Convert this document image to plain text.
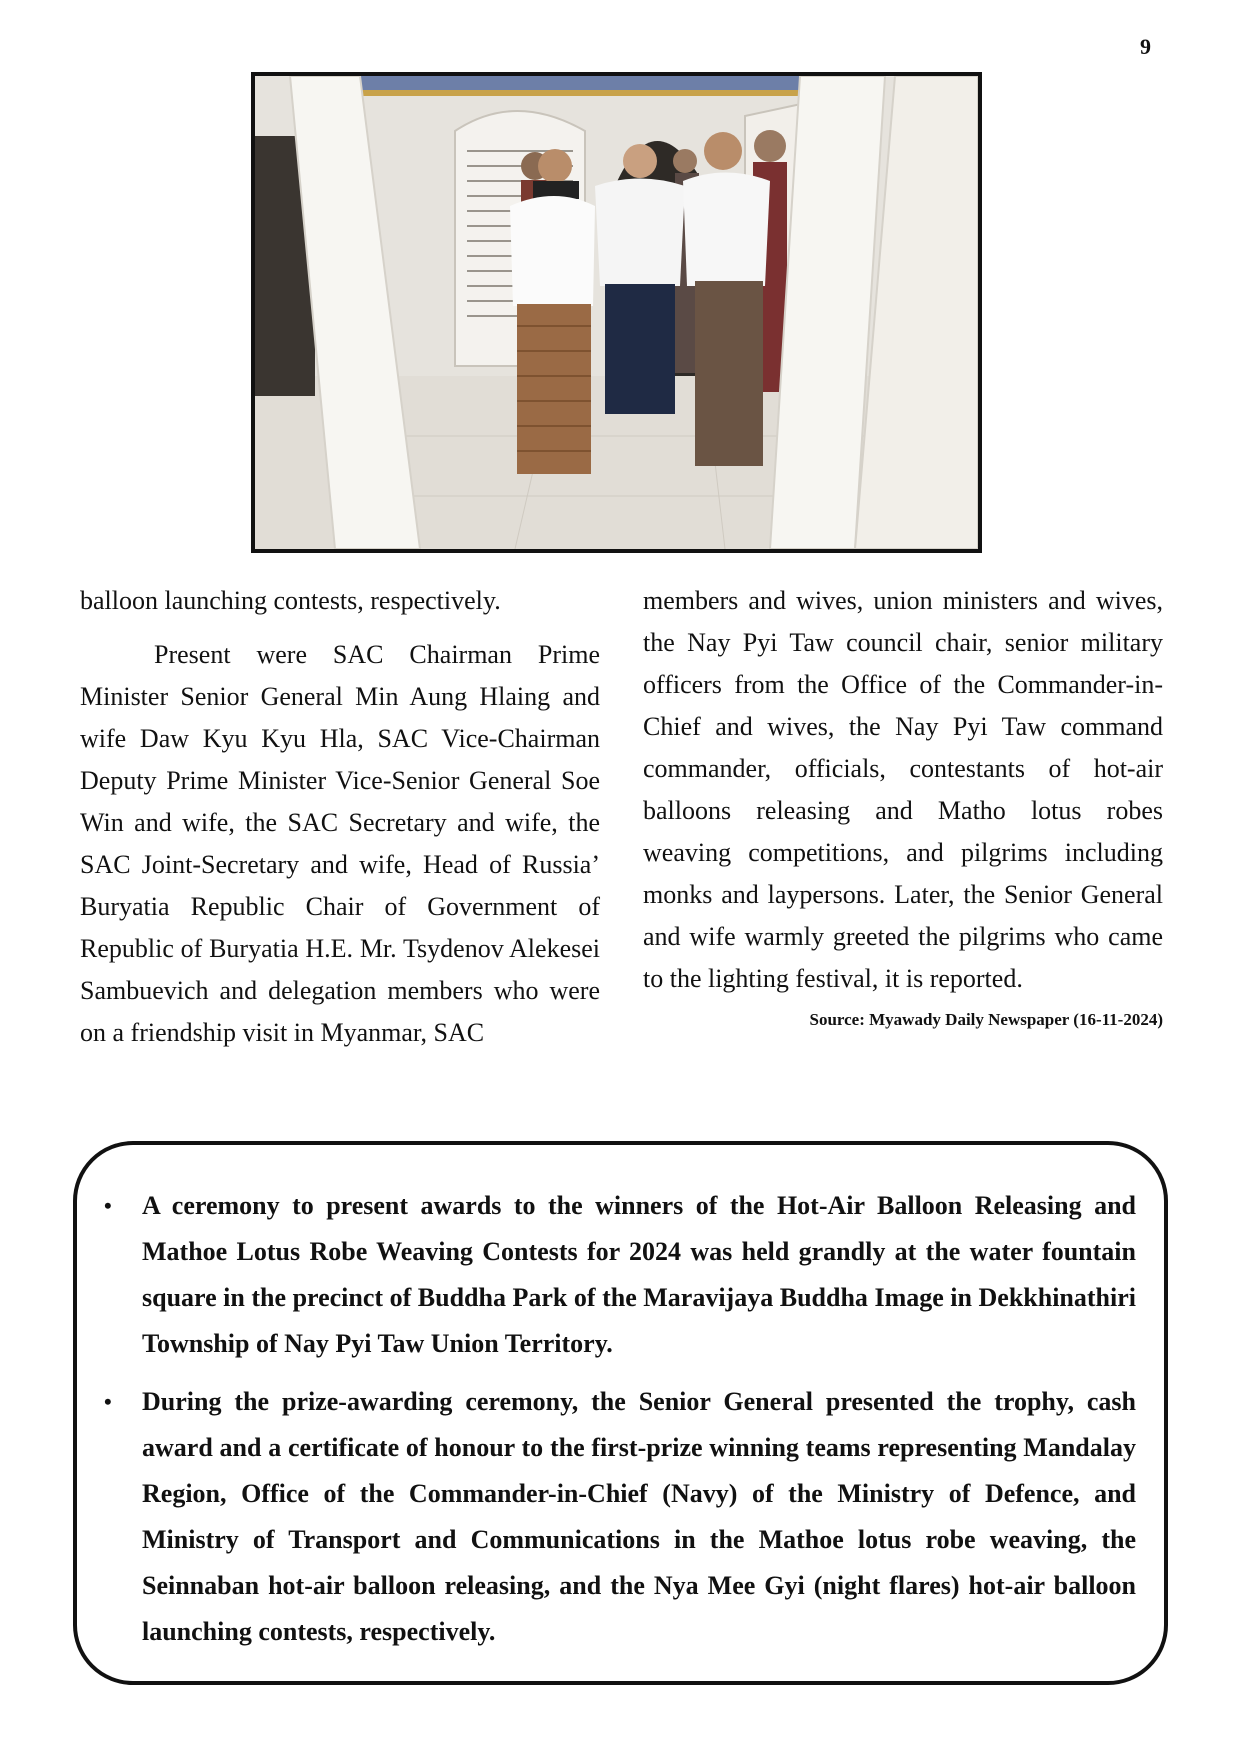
9

balloon launching contests, respectively.

Present were SAC Chairman Prime Minister Senior General Min Aung Hlaing and wife Daw Kyu Kyu Hla, SAC Vice-Chairman Deputy Prime Minister Vice-Senior General Soe Win and wife, the SAC Secretary and wife, the SAC Joint-Secretary and wife, Head of Russia’ Buryatia Republic Chair of Government of Republic of Buryatia H.E. Mr. Tsydenov Alekesei Sambuevich and delegation members who were on a friendship visit in Myanmar, SAC

members and wives, union ministers and wives, the Nay Pyi Taw council chair, senior military officers from the Office of the Commander-in-Chief and wives, the Nay Pyi Taw command commander, officials, contestants of hot-air balloons releasing and Matho lotus robes weaving competitions, and pilgrims including monks and laypersons. Later, the Senior General and wife warmly greeted the pilgrims who came to the lighting festival, it is reported.

Source: Myawady Daily Newspaper (16-11-2024)
• A ceremony to present awards to the winners of the Hot-Air Balloon Releasing and Mathoe Lotus Robe Weaving Contests for 2024 was held grandly at the water fountain square in the precinct of Buddha Park of the Maravijaya Buddha Image in Dekkhinathiri Township of Nay Pyi Taw Union Territory.
• During the prize-awarding ceremony, the Senior General presented the trophy, cash award and a certificate of honour to the first-prize winning teams representing Mandalay Region, Office of the Commander-in-Chief (Navy) of the Ministry of Defence, and Ministry of Transport and Communications in the Mathoe lotus robe weaving, the Seinnaban hot-air balloon releasing, and the Nya Mee Gyi (night flares) hot-air balloon launching contests, respectively.
